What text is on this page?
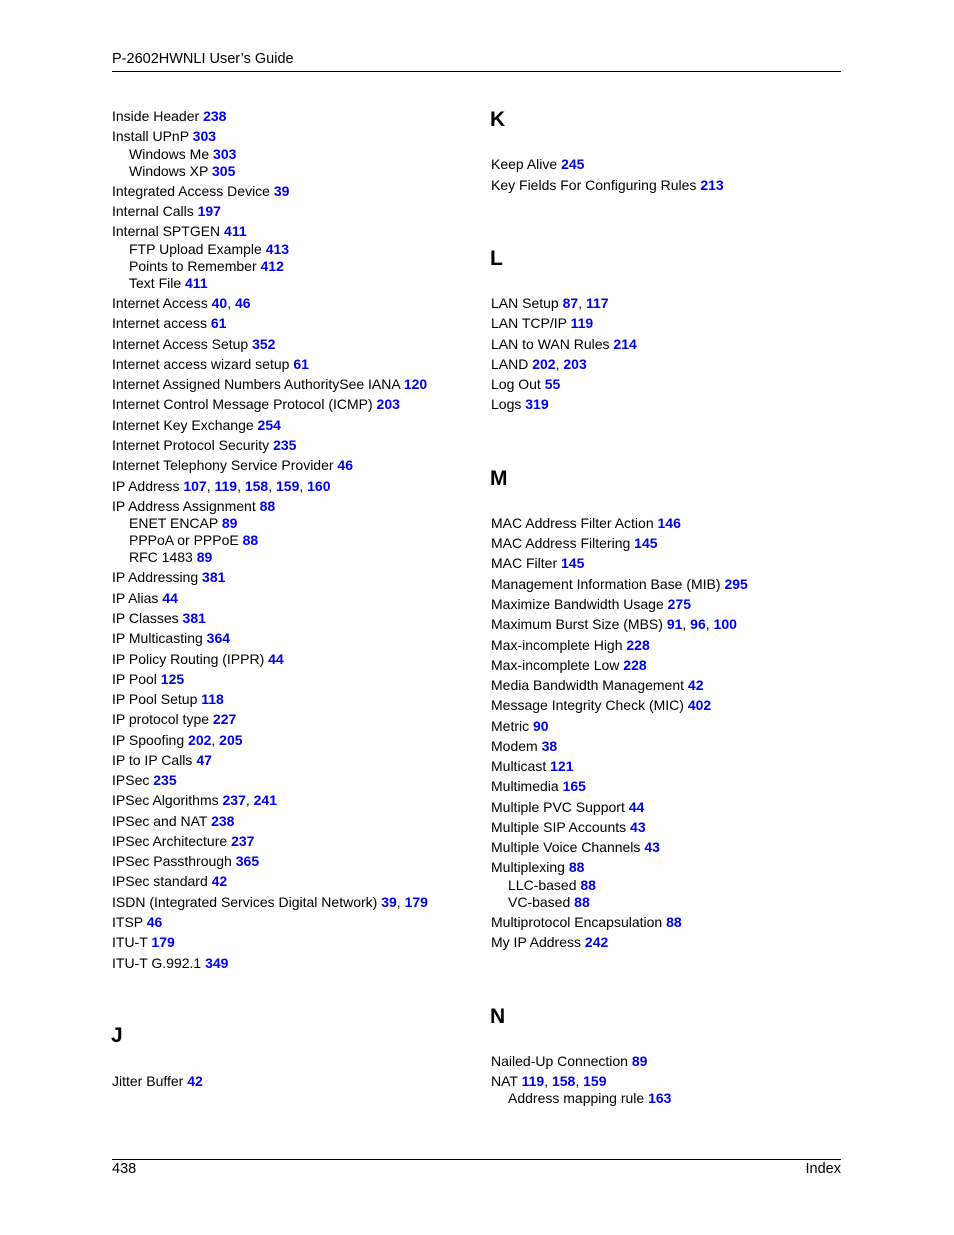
P-2602HWNLI User’s Guide
K
L
M
J
N
Inside Header 238
Install UPnP 303
Windows Me 303
Windows XP 305
Integrated Access Device 39
Internal Calls 197
Internal SPTGEN 411
FTP Upload Example 413
Points to Remember 412
Text File 411
Internet Access 40, 46
Internet access 61
Internet Access Setup 352
Internet access wizard setup 61
Internet Assigned Numbers AuthoritySee IANA 120
Internet Control Message Protocol (ICMP) 203
Internet Key Exchange 254
Internet Protocol Security 235
Internet Telephony Service Provider 46
IP Address 107, 119, 158, 159, 160
IP Address Assignment 88
ENET ENCAP 89
PPPoA or PPPoE 88
RFC 1483 89
IP Addressing 381
IP Alias 44
IP Classes 381
IP Multicasting 364
IP Policy Routing (IPPR) 44
IP Pool 125
IP Pool Setup 118
IP protocol type 227
IP Spoofing 202, 205
IP to IP Calls 47
IPSec 235
IPSec Algorithms 237, 241
IPSec and NAT 238
IPSec Architecture 237
IPSec Passthrough 365
IPSec standard 42
ISDN (Integrated Services Digital Network) 39, 179
ITSP 46
ITU-T 179
ITU-T G.992.1 349
Jitter Buffer 42
Keep Alive 245
Key Fields For Configuring Rules 213
LAN Setup 87, 117
LAN TCP/IP 119
LAN to WAN Rules 214
LAND 202, 203
Log Out 55
Logs 319
MAC Address Filter Action 146
MAC Address Filtering 145
MAC Filter 145
Management Information Base (MIB) 295
Maximize Bandwidth Usage 275
Maximum Burst Size (MBS) 91, 96, 100
Max-incomplete High 228
Max-incomplete Low 228
Media Bandwidth Management 42
Message Integrity Check (MIC) 402
Metric 90
Modem 38
Multicast 121
Multimedia 165
Multiple PVC Support 44
Multiple SIP Accounts 43
Multiple Voice Channels 43
Multiplexing 88
LLC-based 88
VC-based 88
Multiprotocol Encapsulation 88
My IP Address 242
Nailed-Up Connection 89
NAT 119, 158, 159
Address mapping rule 163
438	Index
